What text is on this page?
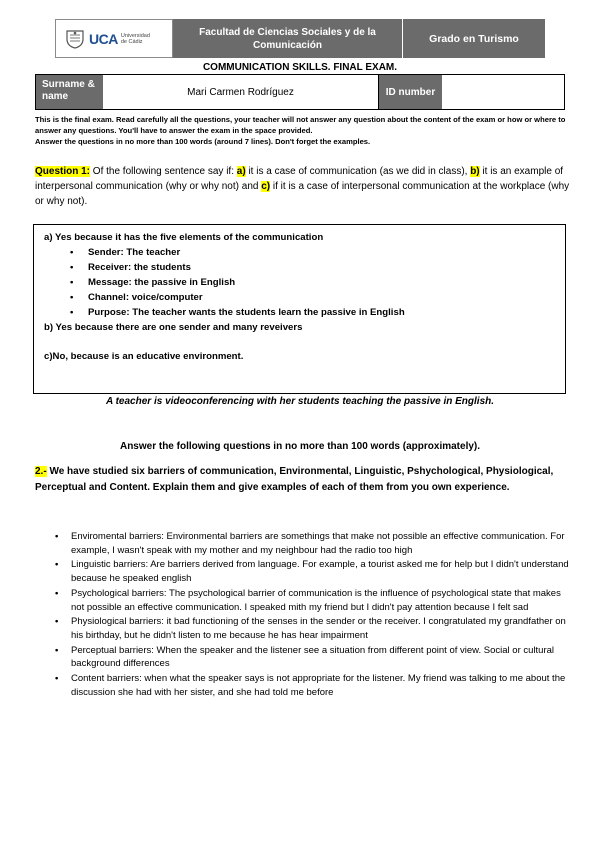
UCA Universidad
de Cádiz
Facultad de Ciencias Sociales y de la Comunicación
Grado en Turismo
COMMUNICATION SKILLS. FINAL EXAM.
Surname & name	Mari Carmen Rodríguez	ID number
This is the final exam. Read carefully all the questions, your teacher will not answer any question about the content of the exam or how or where to answer any questions. You'll have to answer the exam in the space provided.
Answer the questions in no more than 100 words (around 7 lines). Don't forget the examples.
Question 1: Of the following sentence say if: a) it is a case of communication (as we did in class), b) it is an example of interpersonal communication (why or why not) and c) if it is a case of interpersonal communication at the workplace (why or why not).
a) Yes because it has the five elements of the communication
• Sender: The teacher
• Receiver: the students
• Message: the passive in English
• Channel: voice/computer
• Purpose: The teacher wants the students learn the passive in English
b) Yes because there are one sender and many reveivers
c)No, because is an educative environment.
A teacher is videoconferencing with her students teaching the passive in English.
Answer the following questions in no more than 100 words (approximately).
2.- We have studied six barriers of communication, Environmental, Linguistic, Pshychological, Physiological, Perceptual and Content. Explain them and give examples of each of them from you own experience.
• Enviromental barriers: Environmental barriers are somethings that make not possible an effective communication. For example, I wasn't speak with my mother and my neighbour had the radio too high
• Linguistic barriers: Are barriers derived from language. For example, a tourist asked me for help but I didn't understand because he speaked english
• Psychological barriers: The psychological barrier of communication is the influence of psychological state that makes not possible an effective communication. I speaked mith my friend but I didn't pay attention because I felt sad
• Physiological barriers: it bad functioning of the senses in the sender or the receiver. I congratulated my grandfather on his birthday, but he didn't listen to me because he has hear impairment
• Perceptual barriers: When the speaker and the listener see a situation from different point of view. Social or cultural background differences
• Content barriers: when what the speaker says is not appropriate for the listener. My friend was talking to me about the discussion she had with her sister, and she had told me before
